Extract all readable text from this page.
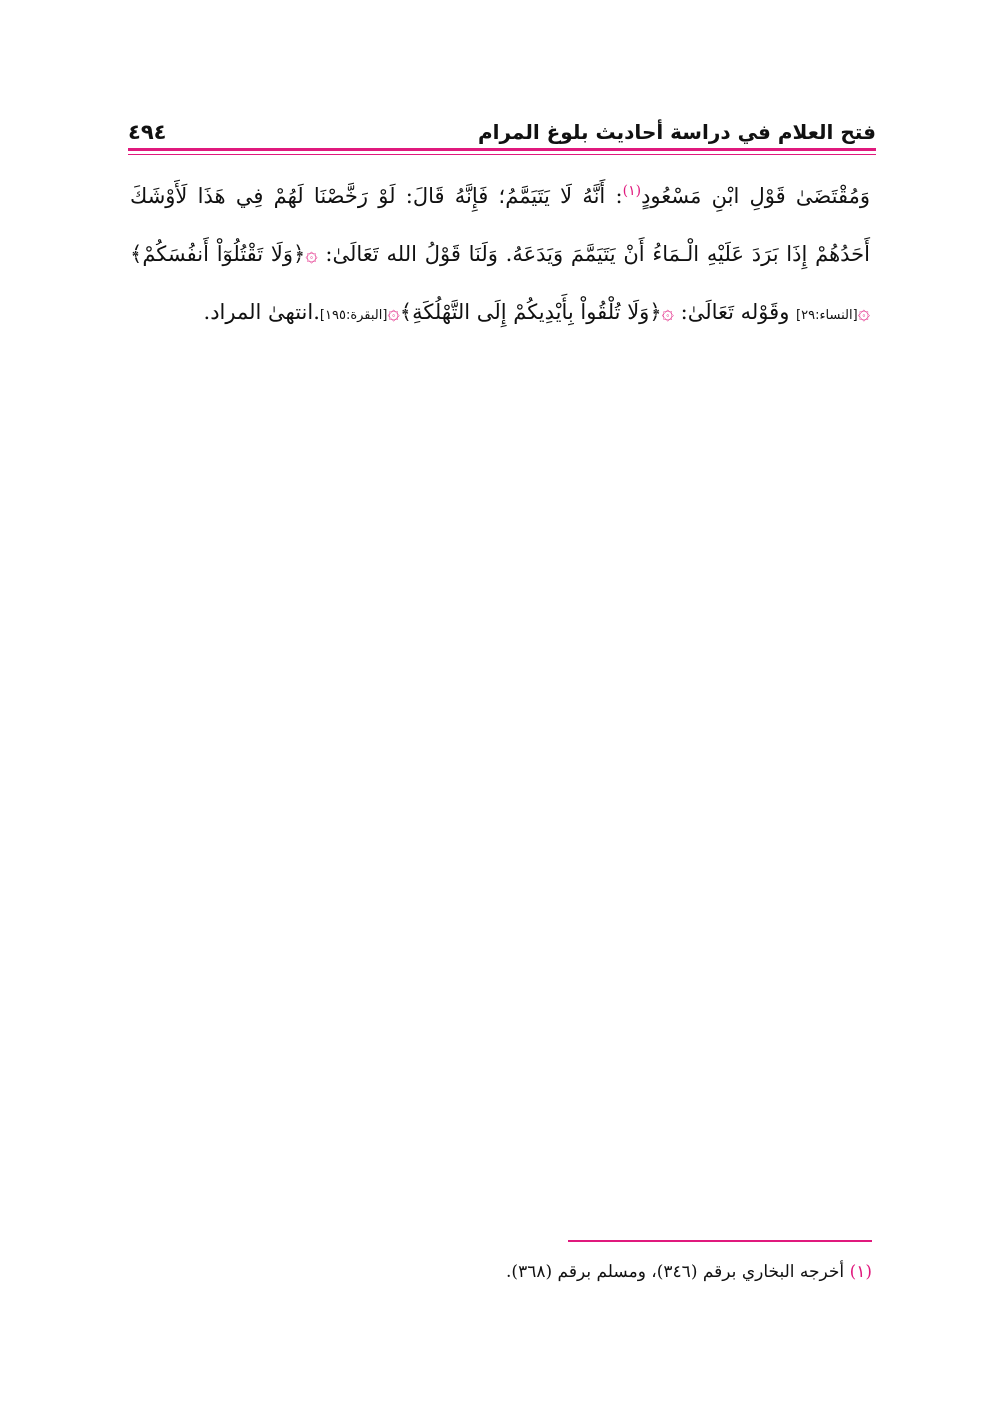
فتح العلام في دراسة أحاديث بلوغ المرام
٤٩٤

وَمُقْتَضَىٰ قَوْلِ ابْنِ مَسْعُودٍ$^{(١)}$: أَنَّهُ لَا يَتَيَمَّمُ؛ فَإِنَّهُ قَالَ: لَوْ رَخَّصْنَا لَهُمْ فِي هَذَا لَأَوْشَكَ أَحَدُهُمْ إِذَا بَرَدَ عَلَيْهِ الْـمَاءُ أَنْ يَتَيَمَّمَ وَيَدَعَهُ. وَلَنَا قَوْلُ الله تَعَالَىٰ: ۞﴿وَلَا تَقْتُلُوٓاْ أَنفُسَكُمْ﴾۞[النساء:٢٩] وقَوْله تَعَالَىٰ: ۞﴿وَلَا تُلْقُواْ بِأَيْدِيكُمْ إِلَى التَّهْلُكَةِ﴾۞[البقرة:١٩٥].انتهىٰ المراد.

(١) أخرجه البخاري برقم (٣٤٦)، ومسلم برقم (٣٦٨).
